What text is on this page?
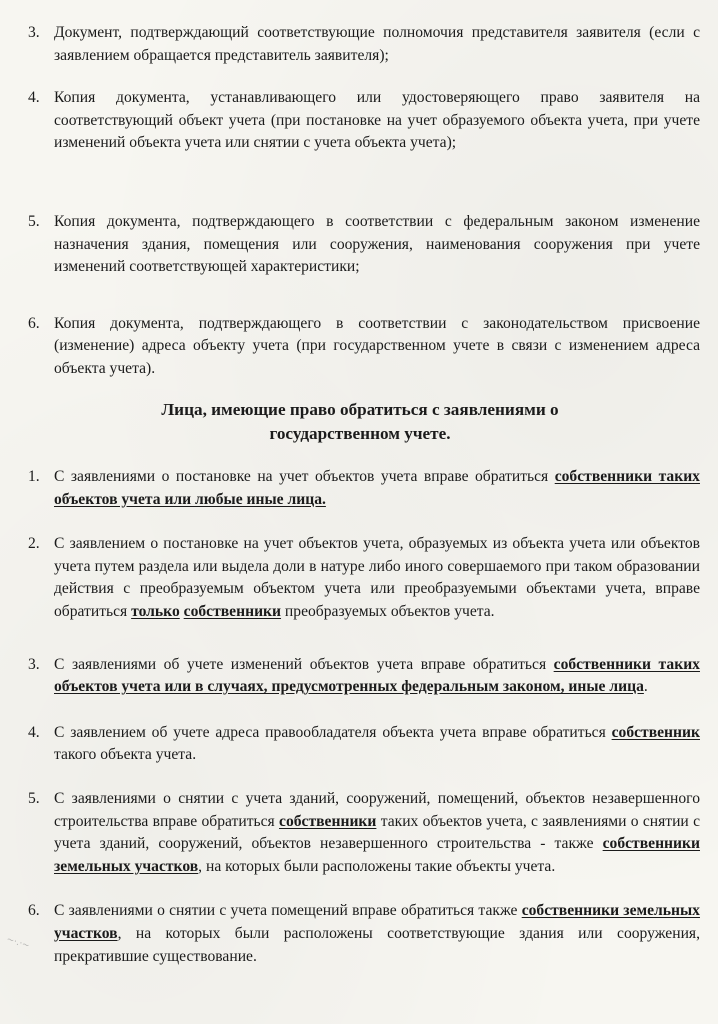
3. Документ, подтверждающий соответствующие полномочия представителя заявителя (если с заявлением обращается представитель заявителя);
4. Копия документа, устанавливающего или удостоверяющего право заявителя на соответствующий объект учета (при постановке на учет образуемого объекта учета, при учете изменений объекта учета или снятии с учета объекта учета);
5. Копия документа, подтверждающего в соответствии с федеральным законом изменение назначения здания, помещения или сооружения, наименования сооружения при учете изменений соответствующей характеристики;
6. Копия документа, подтверждающего в соответствии с законодательством присвоение (изменение) адреса объекту учета (при государственном учете в связи с изменением адреса объекта учета).
Лица, имеющие право обратиться с заявлениями о
государственном учете.
1. С заявлениями о постановке на учет объектов учета вправе обратиться собственники таких объектов учета или любые иные лица.
2. С заявлением о постановке на учет объектов учета, образуемых из объекта учета или объектов учета путем раздела или выдела доли в натуре либо иного совершаемого при таком образовании действия с преобразуемым объектом учета или преобразуемыми объектами учета, вправе обратиться только собственники преобразуемых объектов учета.
3. С заявлениями об учете изменений объектов учета вправе обратиться собственники таких объектов учета или в случаях, предусмотренных федеральным законом, иные лица.
4. С заявлением об учете адреса правообладателя объекта учета вправе обратиться собственник такого объекта учета.
5. С заявлениями о снятии с учета зданий, сооружений, помещений, объектов незавершенного строительства вправе обратиться собственники таких объектов учета, с заявлениями о снятии с учета зданий, сооружений, объектов незавершенного строительства - также собственники земельных участков, на которых были расположены такие объекты учета.
6. С заявлениями о снятии с учета помещений вправе обратиться также собственники земельных участков, на которых были расположены соответствующие здания или сооружения, прекратившие существование.
~·.·~
